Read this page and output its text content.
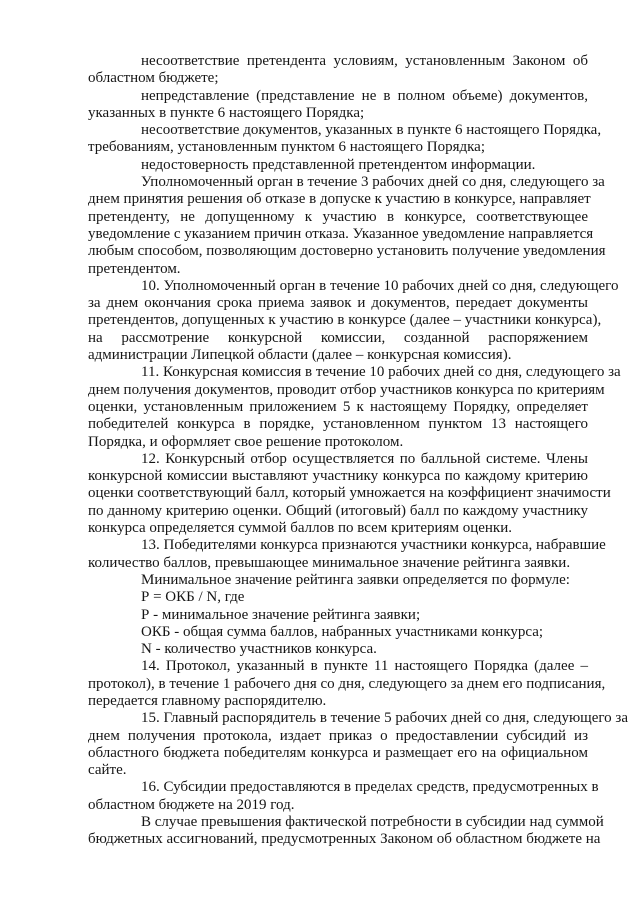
несоответствие претендента условиям, установленным Законом об
областном бюджете;
непредставление (представление не в полном объеме) документов,
указанных в пункте 6 настоящего Порядка;
несоответствие документов, указанных в пункте 6 настоящего Порядка,
требованиям, установленным пунктом 6 настоящего Порядка;
недостоверность представленной претендентом информации.
Уполномоченный орган в течение 3 рабочих дней со дня, следующего за
днем принятия решения об отказе в допуске к участию в конкурсе, направляет
претенденту, не допущенному к участию в конкурсе, соответствующее
уведомление с указанием причин отказа. Указанное уведомление направляется
любым способом, позволяющим достоверно установить получение уведомления
претендентом.
10. Уполномоченный орган в течение 10 рабочих дней со дня, следующего
за днем окончания срока приема заявок и документов, передает документы
претендентов, допущенных к участию в конкурсе (далее – участники конкурса),
на рассмотрение конкурсной комиссии, созданной распоряжением
администрации Липецкой области (далее – конкурсная комиссия).
11. Конкурсная комиссия в течение 10 рабочих дней со дня, следующего за
днем получения документов, проводит отбор участников конкурса по критериям
оценки, установленным приложением 5 к настоящему Порядку, определяет
победителей конкурса в порядке, установленном пунктом 13 настоящего
Порядка, и оформляет свое решение протоколом.
12. Конкурсный отбор осуществляется по балльной системе. Члены
конкурсной комиссии выставляют участнику конкурса по каждому критерию
оценки соответствующий балл, который умножается на коэффициент значимости
по данному критерию оценки. Общий (итоговый) балл по каждому участнику
конкурса определяется суммой баллов по всем критериям оценки.
13. Победителями конкурса признаются участники конкурса, набравшие
количество баллов, превышающее минимальное значение рейтинга заявки.
Минимальное значение рейтинга заявки определяется по формуле:
Р = ОКБ / N, где
Р - минимальное значение рейтинга заявки;
ОКБ - общая сумма баллов, набранных участниками конкурса;
N - количество участников конкурса.
14. Протокол, указанный в пункте 11 настоящего Порядка (далее –
протокол), в течение 1 рабочего дня со дня, следующего за днем его подписания,
передается главному распорядителю.
15. Главный распорядитель в течение 5 рабочих дней со дня, следующего за
днем получения протокола, издает приказ о предоставлении субсидий из
областного бюджета победителям конкурса и размещает его на официальном
сайте.
16. Субсидии предоставляются в пределах средств, предусмотренных в
областном бюджете на 2019 год.
В случае превышения фактической потребности в субсидии над суммой
бюджетных ассигнований, предусмотренных Законом об областном бюджете на
